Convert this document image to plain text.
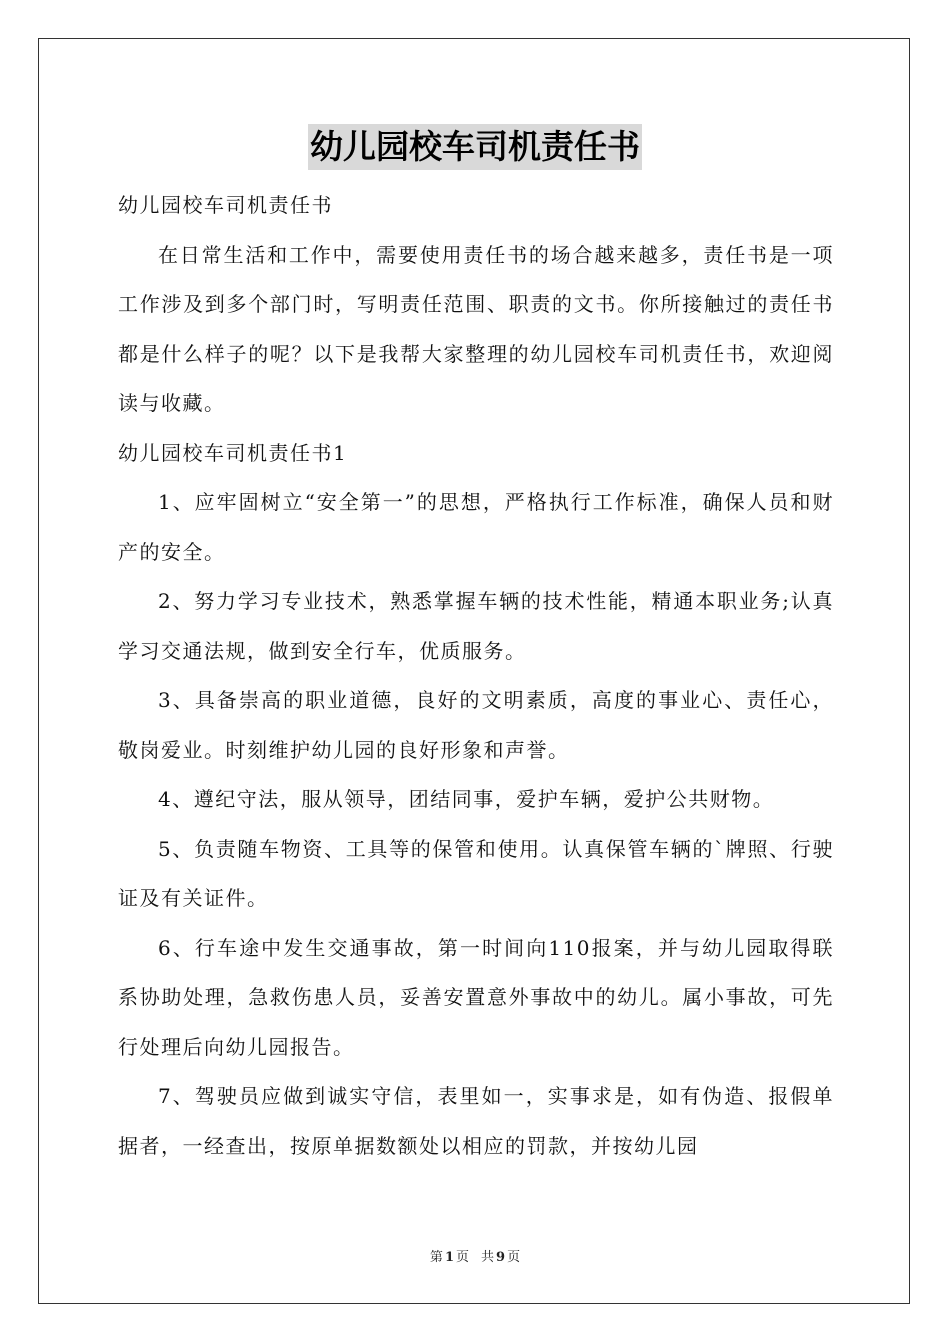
幼儿园校车司机责任书

幼儿园校车司机责任书

在日常生活和工作中，需要使用责任书的场合越来越多，责任书是一项工作涉及到多个部门时，写明责任范围、职责的文书。你所接触过的责任书都是什么样子的呢？以下是我帮大家整理的幼儿园校车司机责任书，欢迎阅读与收藏。

幼儿园校车司机责任书1

1、应牢固树立“安全第一”的思想，严格执行工作标准，确保人员和财产的安全。

2、努力学习专业技术，熟悉掌握车辆的技术性能，精通本职业务;认真学习交通法规，做到安全行车，优质服务。

3、具备崇高的职业道德，良好的文明素质，高度的事业心、责任心，敬岗爱业。时刻维护幼儿园的良好形象和声誉。

4、遵纪守法，服从领导，团结同事，爱护车辆，爱护公共财物。

5、负责随车物资、工具等的保管和使用。认真保管车辆的`牌照、行驶证及有关证件。

6、行车途中发生交通事故，第一时间向110报案，并与幼儿园取得联系协助处理，急救伤患人员，妥善安置意外事故中的幼儿。属小事故，可先行处理后向幼儿园报告。

7、驾驶员应做到诚实守信，表里如一，实事求是，如有伪造、报假单据者，一经查出，按原单据数额处以相应的罚款，并按幼儿园

第 1 页 共 9 页
